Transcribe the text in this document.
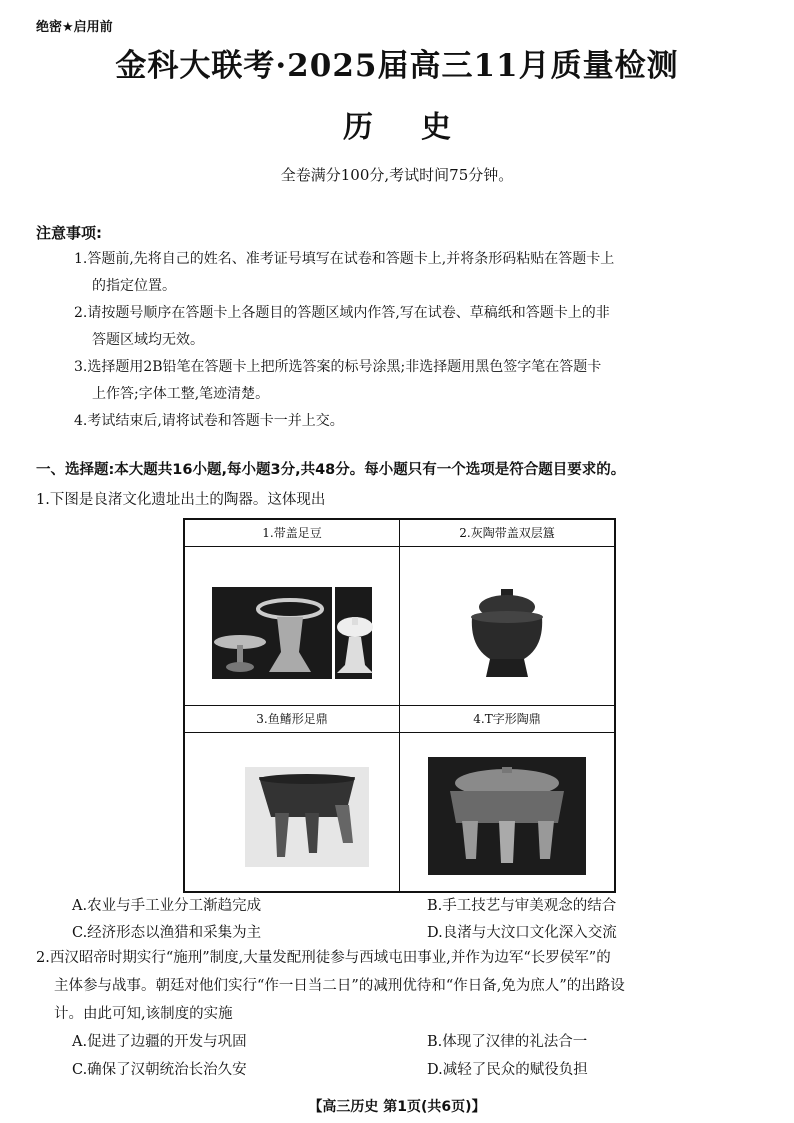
绝密★启用前
金科大联考·2025届高三11月质量检测
历史
全卷满分100分,考试时间75分钟。
注意事项:
1.答题前,先将自己的姓名、准考证号填写在试卷和答题卡上,并将条形码粘贴在答题卡上
的指定位置。
2.请按题号顺序在答题卡上各题目的答题区域内作答,写在试卷、草稿纸和答题卡上的非
答题区域均无效。
3.选择题用2B铅笔在答题卡上把所选答案的标号涂黑;非选择题用黑色签字笔在答题卡
上作答;字体工整,笔迹清楚。
4.考试结束后,请将试卷和答题卡一并上交。
一、选择题:本大题共16小题,每小题3分,共48分。每小题只有一个选项是符合题目要求的。
1.下图是良渚文化遗址出土的陶器。这体现出
1.带盖足豆	2.灰陶带盖双层簋

3.鱼鳍形足鼎	4.T字形陶鼎
A.农业与手工业分工渐趋完成	B.手工技艺与审美观念的结合
C.经济形态以渔猎和采集为主	D.良渚与大汶口文化深入交流
2.西汉昭帝时期实行“施刑”制度,大量发配刑徒参与西域屯田事业,并作为边军“长罗侯军”的
主体参与战事。朝廷对他们实行“作一日当二日”的减刑优待和“作日备,免为庶人”的出路设
计。由此可知,该制度的实施
A.促进了边疆的开发与巩固	B.体现了汉律的礼法合一
C.确保了汉朝统治长治久安	D.减轻了民众的赋役负担
【高三历史 第1页(共6页)】
